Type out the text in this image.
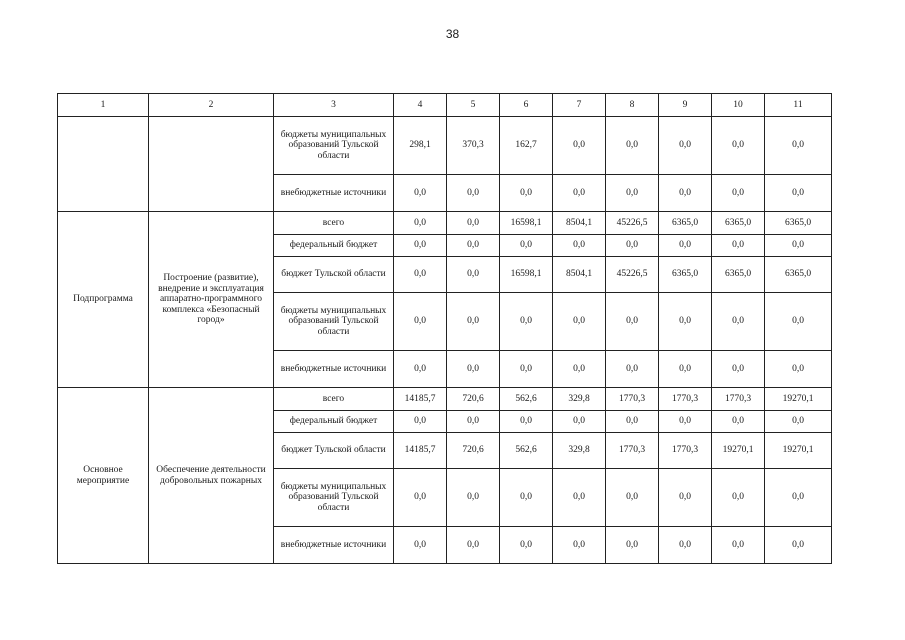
38
1	2	3	4	5	6	7	8	9	10	11
		бюджеты муниципальных образований Тульской области	298,1	370,3	162,7	0,0	0,0	0,0	0,0	0,0
		внебюджетные источники	0,0	0,0	0,0	0,0	0,0	0,0	0,0	0,0
Подпрограмма	Построение (развитие), внедрение и эксплуатация аппаратно-программного комплекса «Безопасный город»	всего	0,0	0,0	16598,1	8504,1	45226,5	6365,0	6365,0	6365,0
		федеральный бюджет	0,0	0,0	0,0	0,0	0,0	0,0	0,0	0,0
		бюджет Тульской области	0,0	0,0	16598,1	8504,1	45226,5	6365,0	6365,0	6365,0
		бюджеты муниципальных образований Тульской области	0,0	0,0	0,0	0,0	0,0	0,0	0,0	0,0
		внебюджетные источники	0,0	0,0	0,0	0,0	0,0	0,0	0,0	0,0
Основное мероприятие	Обеспечение деятельности добровольных пожарных	всего	14185,7	720,6	562,6	329,8	1770,3	1770,3	1770,3	19270,1
		федеральный бюджет	0,0	0,0	0,0	0,0	0,0	0,0	0,0	0,0
		бюджет Тульской области	14185,7	720,6	562,6	329,8	1770,3	1770,3	19270,1	19270,1
		бюджеты муниципальных образований Тульской области	0,0	0,0	0,0	0,0	0,0	0,0	0,0	0,0
		внебюджетные источники	0,0	0,0	0,0	0,0	0,0	0,0	0,0	0,0
